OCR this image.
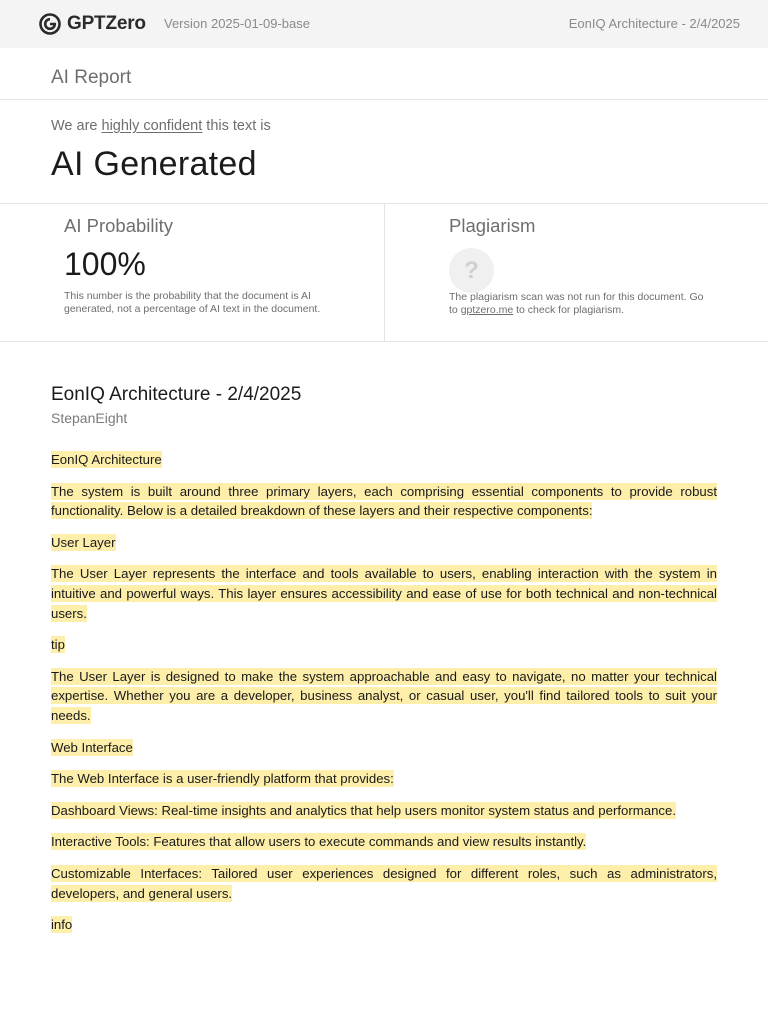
GPTZero Version 2025-01-09-base	EonIQ Architecture - 2/4/2025
AI Report
We are highly confident this text is
AI Generated
AI Probability
100%
This number is the probability that the document is AI generated, not a percentage of AI text in the document.
Plagiarism
?
The plagiarism scan was not run for this document. Go to gptzero.me to check for plagiarism.
EonIQ Architecture - 2/4/2025
StepanEight

EonIQ Architecture

The system is built around three primary layers, each comprising essential components to provide robust functionality. Below is a detailed breakdown of these layers and their respective components:

User Layer

The User Layer represents the interface and tools available to users, enabling interaction with the system in intuitive and powerful ways. This layer ensures accessibility and ease of use for both technical and non-technical users.

tip

The User Layer is designed to make the system approachable and easy to navigate, no matter your technical expertise. Whether you are a developer, business analyst, or casual user, you'll find tailored tools to suit your needs.

Web Interface

The Web Interface is a user-friendly platform that provides:

Dashboard Views: Real-time insights and analytics that help users monitor system status and performance.

Interactive Tools: Features that allow users to execute commands and view results instantly.

Customizable Interfaces: Tailored user experiences designed for different roles, such as administrators, developers, and general users.

info
